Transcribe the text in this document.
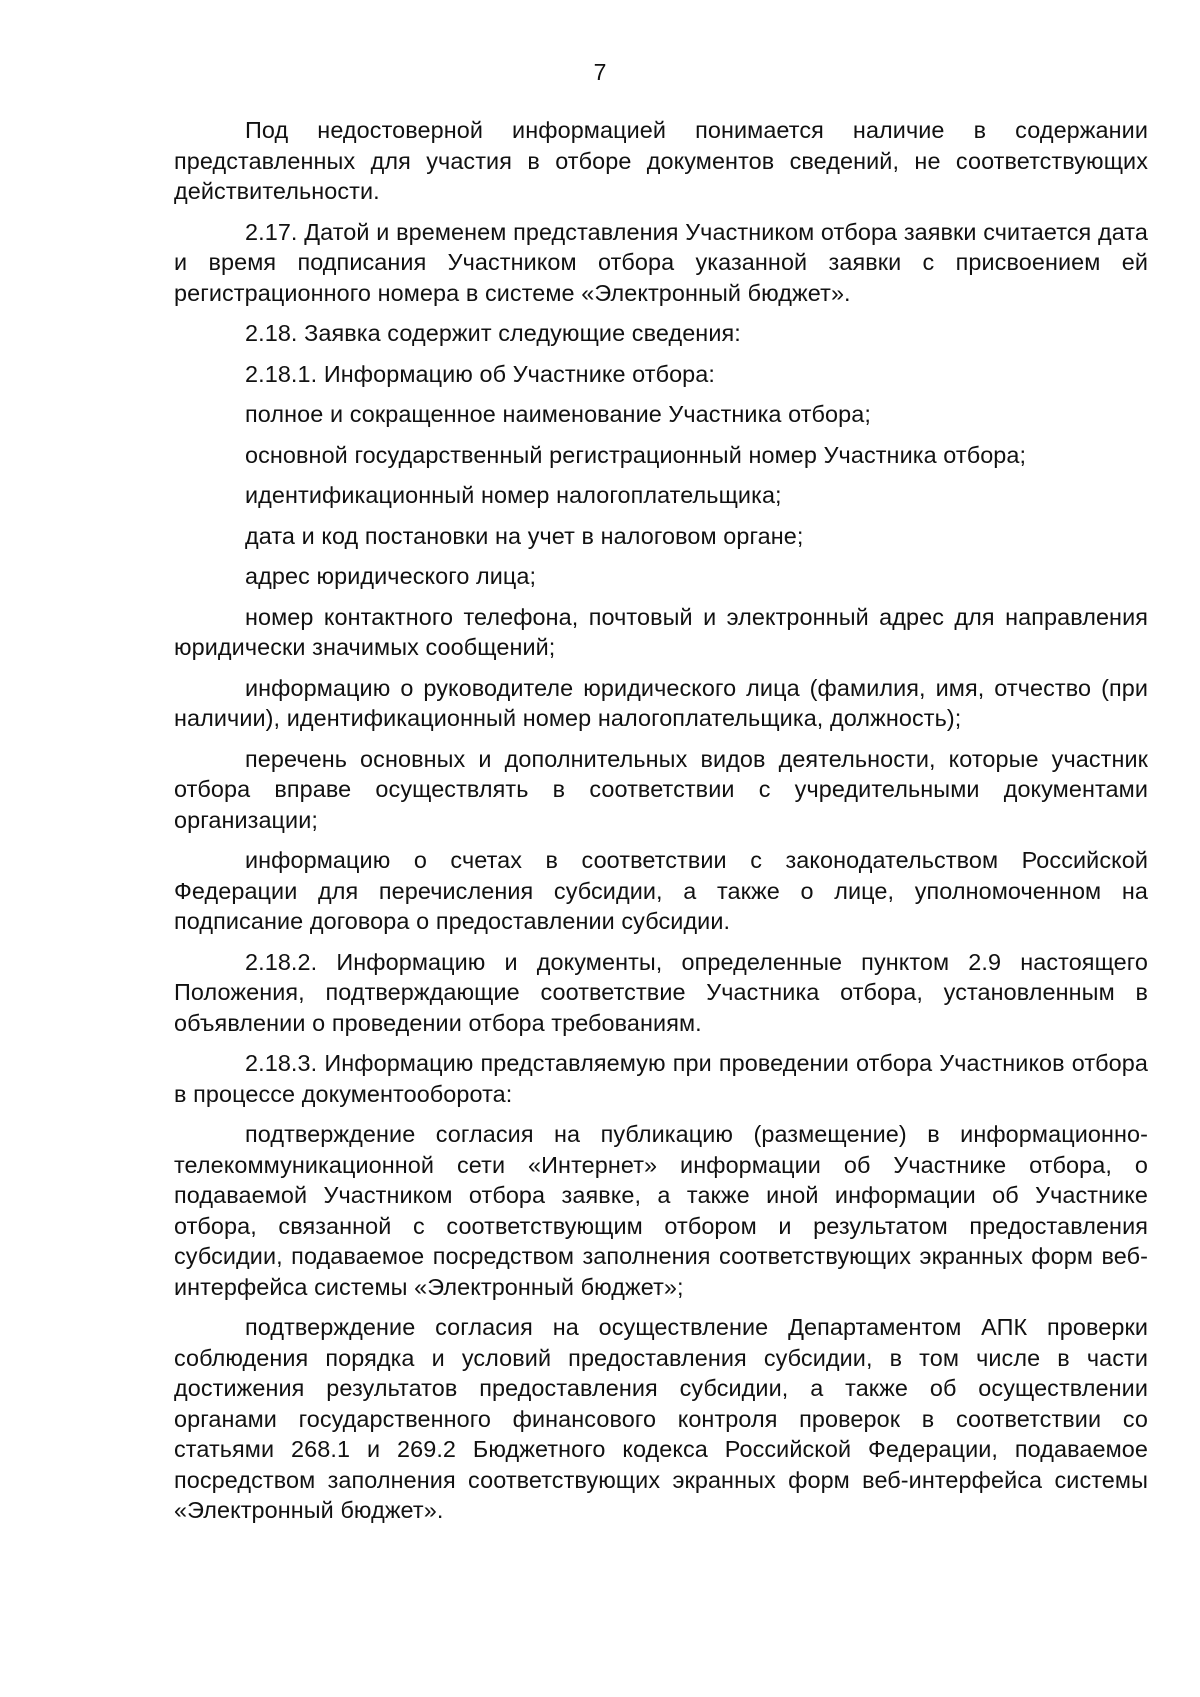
7

Под недостоверной информацией понимается наличие в содержании представленных для участия в отборе документов сведений, не соответствующих действительности.

2.17. Датой и временем представления Участником отбора заявки считается дата и время подписания Участником отбора указанной заявки с присвоением ей регистрационного номера в системе «Электронный бюджет».

2.18. Заявка содержит следующие сведения:

2.18.1. Информацию об Участнике отбора:

полное и сокращенное наименование Участника отбора;

основной государственный регистрационный номер Участника отбора;

идентификационный номер налогоплательщика;

дата и код постановки на учет в налоговом органе;

адрес юридического лица;

номер контактного телефона, почтовый и электронный адрес для направления юридически значимых сообщений;

информацию о руководителе юридического лица (фамилия, имя, отчество (при наличии), идентификационный номер налогоплательщика, должность);

перечень основных и дополнительных видов деятельности, которые участник отбора вправе осуществлять в соответствии с учредительными документами организации;

информацию о счетах в соответствии с законодательством Российской Федерации для перечисления субсидии, а также о лице, уполномоченном на подписание договора о предоставлении субсидии.

2.18.2. Информацию и документы, определенные пунктом 2.9 настоящего Положения, подтверждающие соответствие Участника отбора, установленным в объявлении о проведении отбора требованиям.

2.18.3. Информацию представляемую при проведении отбора Участников отбора в процессе документооборота:

подтверждение согласия на публикацию (размещение) в информационно-телекоммуникационной сети «Интернет» информации об Участнике отбора, о подаваемой Участником отбора заявке, а также иной информации об Участнике отбора, связанной с соответствующим отбором и результатом предоставления субсидии, подаваемое посредством заполнения соответствующих экранных форм веб-интерфейса системы «Электронный бюджет»;

подтверждение согласия на осуществление Департаментом АПК проверки соблюдения порядка и условий предоставления субсидии, в том числе в части достижения результатов предоставления субсидии, а также об осуществлении органами государственного финансового контроля проверок в соответствии со статьями 268.1 и 269.2 Бюджетного кодекса Российской Федерации, подаваемое посредством заполнения соответствующих экранных форм веб-интерфейса системы «Электронный бюджет».
